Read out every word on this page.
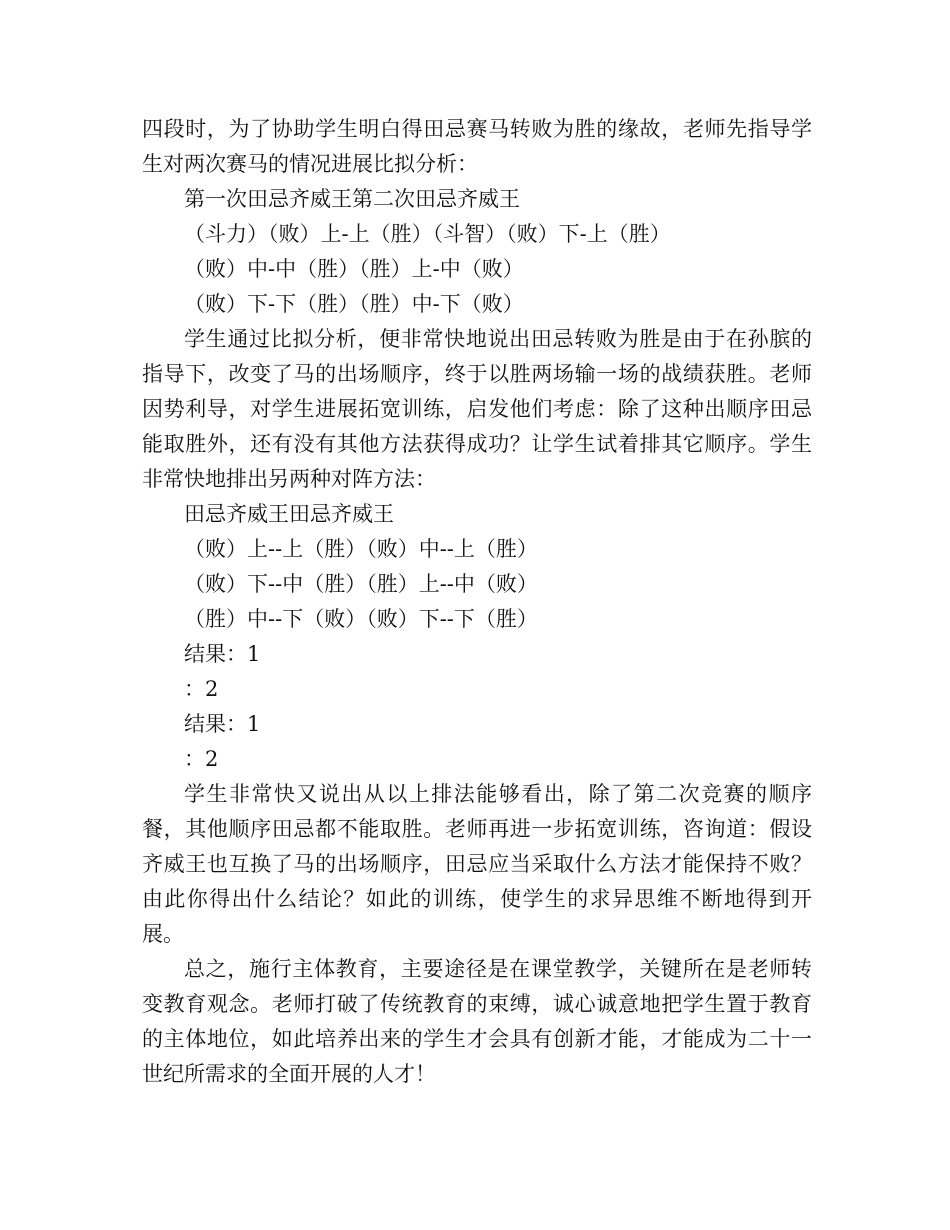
四段时，为了协助学生明白得田忌赛马转败为胜的缘故，老师先指导学生对两次赛马的情况进展比拟分析：

第一次田忌齐威王第二次田忌齐威王
（斗力）（败）上-上（胜）（斗智）（败）下-上（胜）
（败）中-中（胜）（胜）上-中（败）
（败）下-下（胜）（胜）中-下（败）

学生通过比拟分析，便非常快地说出田忌转败为胜是由于在孙膑的指导下，改变了马的出场顺序，终于以胜两场输一场的战绩获胜。老师因势利导，对学生进展拓宽训练，启发他们考虑：除了这种出顺序田忌能取胜外，还有没有其他方法获得成功？让学生试着排其它顺序。学生非常快地排出另两种对阵方法：

田忌齐威王田忌齐威王
（败）上--上（胜）（败）中--上（胜）
（败）下--中（胜）（胜）上--中（败）
（胜）中--下（败）（败）下--下（胜）
结果：1
：2
结果：1
：2

学生非常快又说出从以上排法能够看出，除了第二次竞赛的顺序餐，其他顺序田忌都不能取胜。老师再进一步拓宽训练，咨询道：假设齐威王也互换了马的出场顺序，田忌应当采取什么方法才能保持不败？由此你得出什么结论？如此的训练，使学生的求异思维不断地得到开展。

总之，施行主体教育，主要途径是在课堂教学，关键所在是老师转变教育观念。老师打破了传统教育的束缚，诚心诚意地把学生置于教育的主体地位，如此培养出来的学生才会具有创新才能，才能成为二十一世纪所需求的全面开展的人才！
